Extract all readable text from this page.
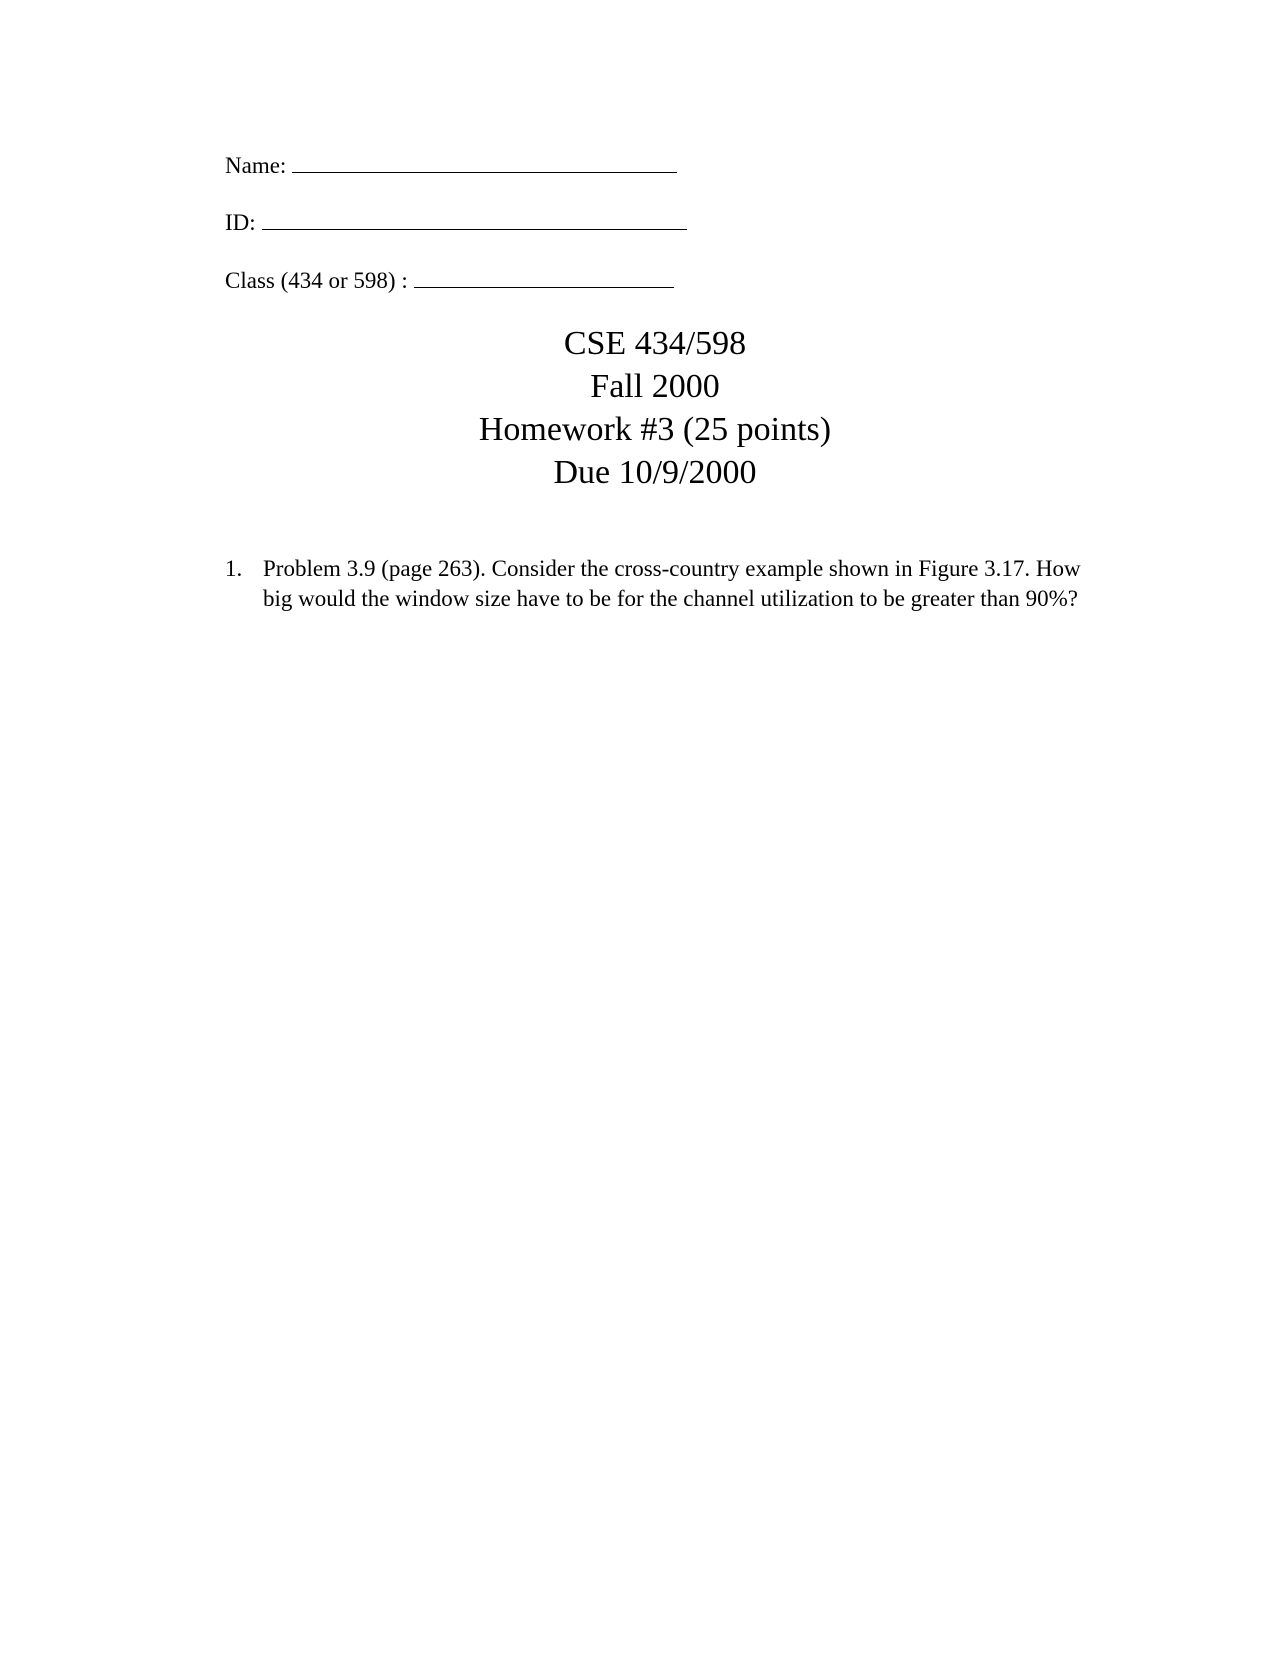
Name:
ID:
Class (434 or 598) :
CSE 434/598
Fall 2000
Homework #3 (25 points)
Due 10/9/2000
1. Problem 3.9 (page 263). Consider the cross-country example shown in Figure 3.17. How big would the window size have to be for the channel utilization to be greater than 90%?
